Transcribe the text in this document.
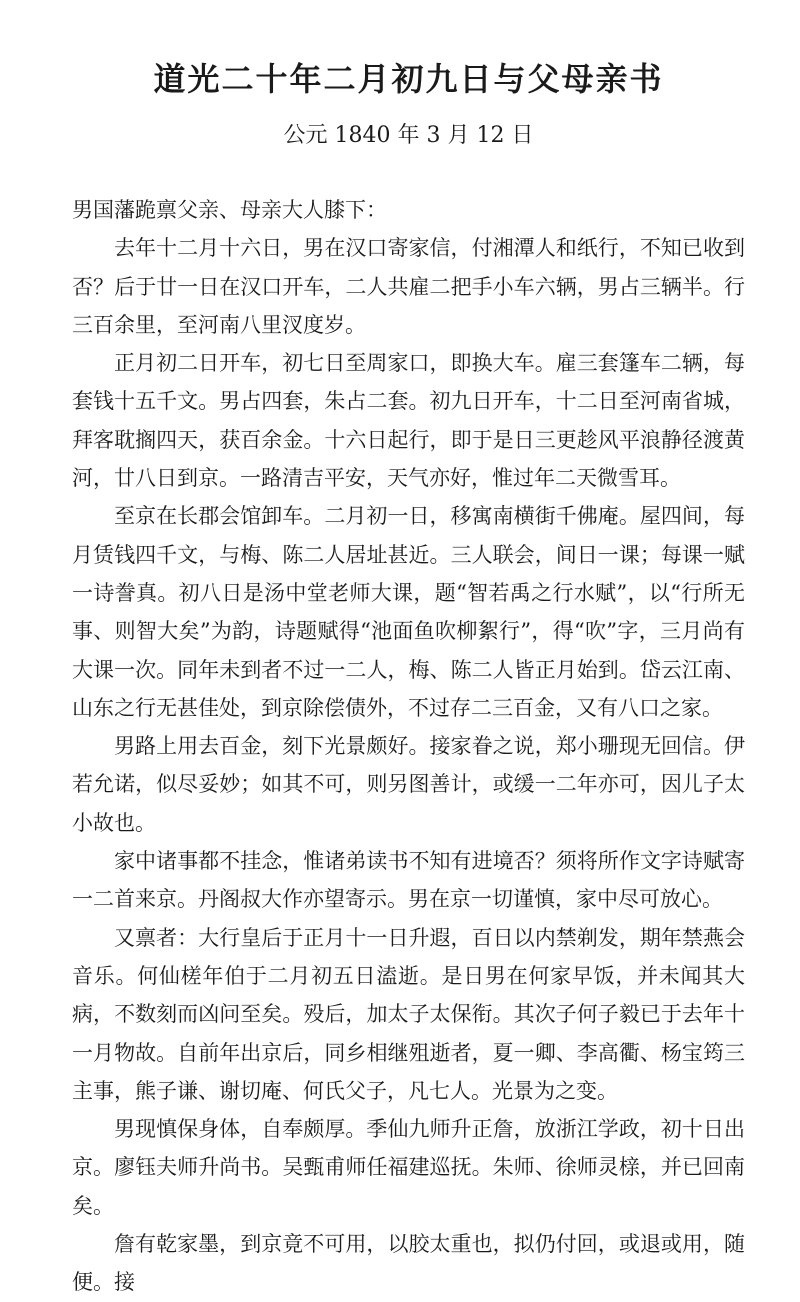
道光二十年二月初九日与父母亲书
公元 1840 年 3 月 12 日

男国藩跪禀父亲、母亲大人膝下：

去年十二月十六日，男在汉口寄家信，付湘潭人和纸行，不知已收到否？后于廿一日在汉口开车，二人共雇二把手小车六辆，男占三辆半。行三百余里，至河南八里汊度岁。

正月初二日开车，初七日至周家口，即换大车。雇三套篷车二辆，每套钱十五千文。男占四套，朱占二套。初九日开车，十二日至河南省城，拜客耽搁四天，获百余金。十六日起行，即于是日三更趁风平浪静径渡黄河，廿八日到京。一路清吉平安，天气亦好，惟过年二天微雪耳。

至京在长郡会馆卸车。二月初一日，移寓南横街千佛庵。屋四间，每月赁钱四千文，与梅、陈二人居址甚近。三人联会，间日一课；每课一赋一诗誊真。初八日是汤中堂老师大课，题“智若禹之行水赋”，以“行所无事、则智大矣”为韵，诗题赋得“池面鱼吹柳絮行”，得“吹”字，三月尚有大课一次。同年未到者不过一二人，梅、陈二人皆正月始到。岱云江南、山东之行无甚佳处，到京除偿债外，不过存二三百金，又有八口之家。

男路上用去百金，刻下光景颇好。接家眷之说，郑小珊现无回信。伊若允诺，似尽妥妙；如其不可，则另图善计，或缓一二年亦可，因儿子太小故也。

家中诸事都不挂念，惟诸弟读书不知有进境否？须将所作文字诗赋寄一二首来京。丹阁叔大作亦望寄示。男在京一切谨慎，家中尽可放心。

又禀者：大行皇后于正月十一日升遐，百日以内禁剃发，期年禁燕会音乐。何仙槎年伯于二月初五日溘逝。是日男在何家早饭，并未闻其大病，不数刻而凶问至矣。殁后，加太子太保衔。其次子何子毅已于去年十一月物故。自前年出京后，同乡相继殂逝者，夏一卿、李高衢、杨宝筠三主事，熊子谦、谢切庵、何氏父子，凡七人。光景为之变。

男现慎保身体，自奉颇厚。季仙九师升正詹，放浙江学政，初十日出京。廖钰夫师升尚书。吴甄甫师任福建巡抚。朱师、徐师灵榇，并已回南矣。

詹有乾家墨，到京竟不可用，以胶太重也，拟仍付回，或退或用，随便。接
